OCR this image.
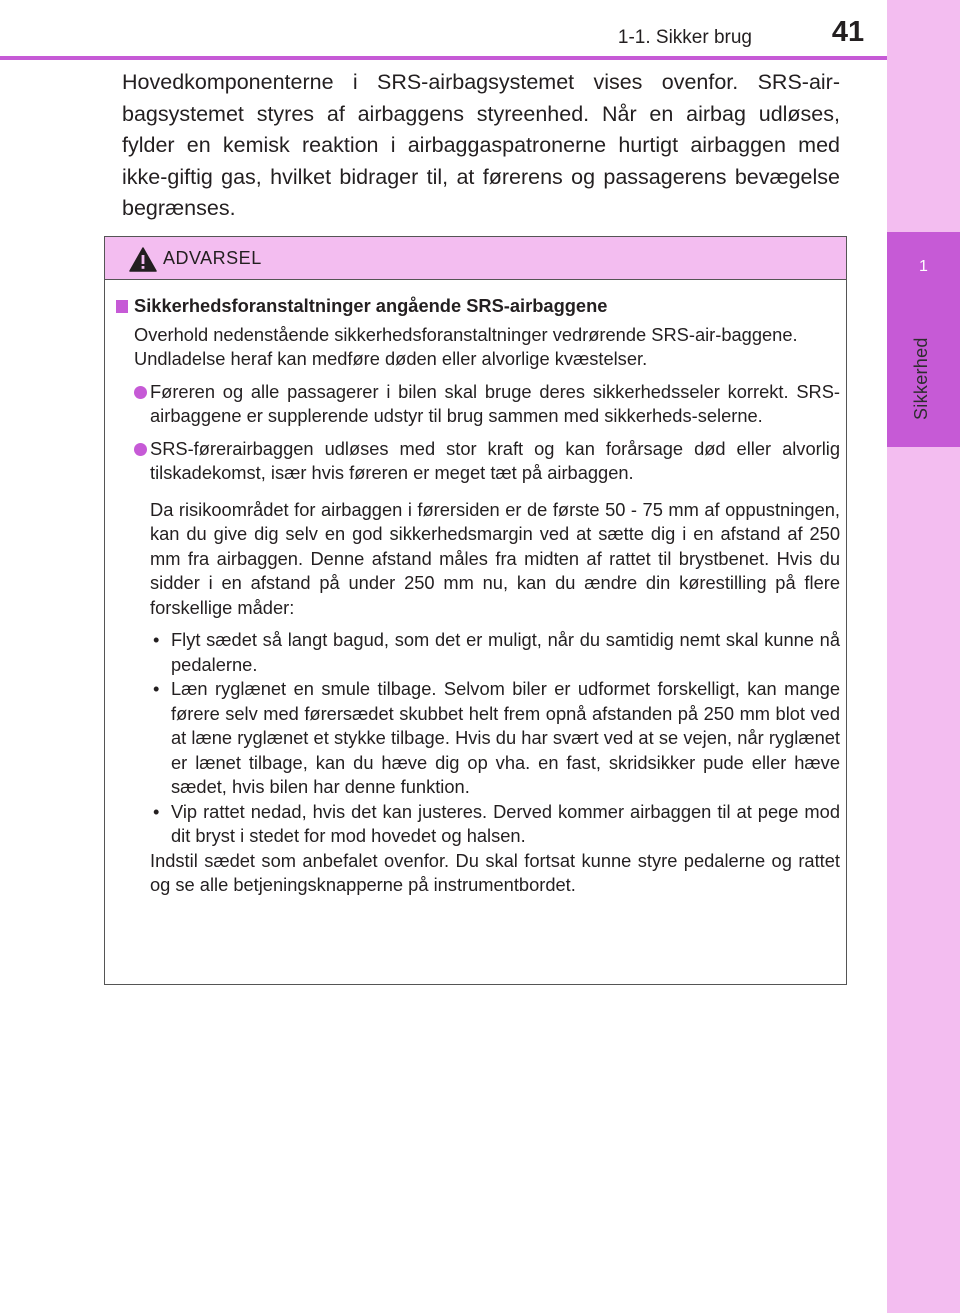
1
Sikkerhed
1-1. Sikker brug	41

Hovedkomponenterne i SRS-airbagsystemet vises ovenfor. SRS-air-bagsystemet styres af airbaggens styreenhed. Når en airbag udløses, fylder en kemisk reaktion i airbaggaspatronerne hurtigt airbaggen med ikke-giftig gas, hvilket bidrager til, at førerens og passagerens bevægelse begrænses.

ADVARSEL
Sikkerhedsforanstaltninger angående SRS-airbaggene

Overhold nedenstående sikkerhedsforanstaltninger vedrørende SRS-air-baggene.

Undladelse heraf kan medføre døden eller alvorlige kvæstelser.

Føreren og alle passagerer i bilen skal bruge deres sikkerhedsseler korrekt. SRS-airbaggene er supplerende udstyr til brug sammen med sikkerheds-selerne.
SRS-førerairbaggen udløses med stor kraft og kan forårsage død eller alvorlig tilskadekomst, især hvis føreren er meget tæt på airbaggen.

Da risikoområdet for airbaggen i førersiden er de første 50 - 75 mm af oppustningen, kan du give dig selv en god sikkerhedsmargin ved at sætte dig i en afstand af 250 mm fra airbaggen. Denne afstand måles fra midten af rattet til brystbenet. Hvis du sidder i en afstand på under 250 mm nu, kan du ændre din kørestilling på flere forskellige måder:

• Flyt sædet så langt bagud, som det er muligt, når du samtidig nemt skal kunne nå pedalerne.
• Læn ryglænet en smule tilbage. Selvom biler er udformet forskelligt, kan mange førere selv med førersædet skubbet helt frem opnå afstanden på 250 mm blot ved at læne ryglænet et stykke tilbage. Hvis du har svært ved at se vejen, når ryglænet er lænet tilbage, kan du hæve dig op vha. en fast, skridsikker pude eller hæve sædet, hvis bilen har denne funktion.
• Vip rattet nedad, hvis det kan justeres. Derved kommer airbaggen til at pege mod dit bryst i stedet for mod hovedet og halsen.

Indstil sædet som anbefalet ovenfor. Du skal fortsat kunne styre pedalerne og rattet og se alle betjeningsknapperne på instrumentbordet.
